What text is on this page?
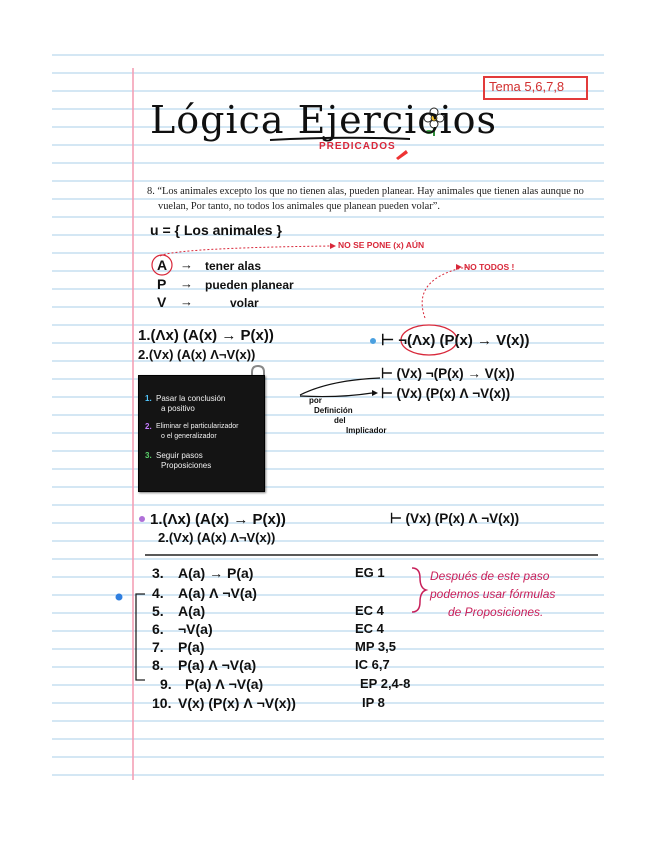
Tema 5,6,7,8
Lógica Ejercicios
PREDICADOS
8. “Los animales excepto los que no tienen alas, pueden planear. Hay animales que tienen alas aunque no
vuelan, Por tanto, no todos los animales que planean pueden volar”.
u = { Los animales }
NO SE PONE (x) AÚN
NO TODOS !
A → tener alas
P → pueden planear
V →	volar
1.(Λx) (A(x) → P(x))
2.(Vx) (A(x) Λ¬V(x))
⊢ ¬(Λx) (P(x) → V(x))
⊢ (Vx) ¬(P(x) → V(x))
⊢ (Vx) (P(x) Λ ¬V(x))
por
Definición
del
Implicador
1. Pasar la conclusión
a positivo
2. Eliminar el particularizador
o el generalizador
3. Seguir pasos
Proposiciones
1.(Λx) (A(x) → P(x))
2.(Vx) (A(x) Λ¬V(x))
⊢ (Vx) (P(x) Λ ¬V(x))
3. A(a) → P(a)	EG 1
4. A(a) Λ ¬V(a)
5. A(a)	EC 4
6. ¬V(a)	EC 4
7. P(a)	MP 3,5
8. P(a) Λ ¬V(a)	IC 6,7
9. P(a) Λ ¬V(a)	EP 2,4-8
10. V(x) (P(x) Λ ¬V(x))	IP 8
Después de este paso
podemos usar fórmulas
de Proposiciones.
